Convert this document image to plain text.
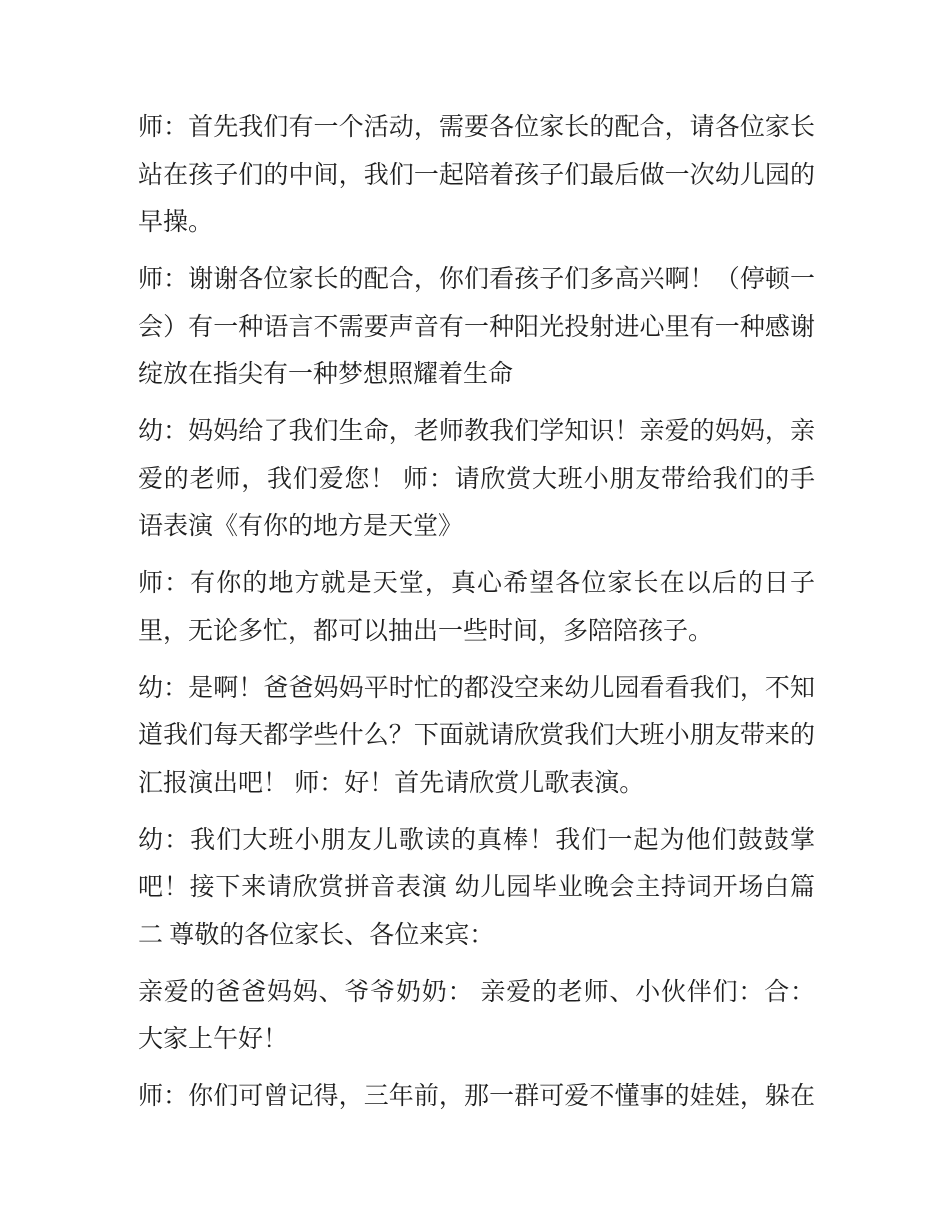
师：首先我们有一个活动，需要各位家长的配合，请各位家长
站在孩子们的中间，我们一起陪着孩子们最后做一次幼儿园的
早操。
师：谢谢各位家长的配合，你们看孩子们多高兴啊！（停顿一
会）有一种语言不需要声音有一种阳光投射进心里有一种感谢
绽放在指尖有一种梦想照耀着生命
幼：妈妈给了我们生命，老师教我们学知识！亲爱的妈妈，亲
爱的老师，我们爱您！ 师：请欣赏大班小朋友带给我们的手
语表演《有你的地方是天堂》
师：有你的地方就是天堂，真心希望各位家长在以后的日子
里，无论多忙，都可以抽出一些时间，多陪陪孩子。
幼：是啊！爸爸妈妈平时忙的都没空来幼儿园看看我们，不知
道我们每天都学些什么？下面就请欣赏我们大班小朋友带来的
汇报演出吧！ 师：好！首先请欣赏儿歌表演。
幼：我们大班小朋友儿歌读的真棒！我们一起为他们鼓鼓掌
吧！接下来请欣赏拼音表演 幼儿园毕业晚会主持词开场白篇
二 尊敬的各位家长、各位来宾：
亲爱的爸爸妈妈、爷爷奶奶： 亲爱的老师、小伙伴们：合：
大家上午好！
师：你们可曾记得，三年前，那一群可爱不懂事的娃娃，躲在
